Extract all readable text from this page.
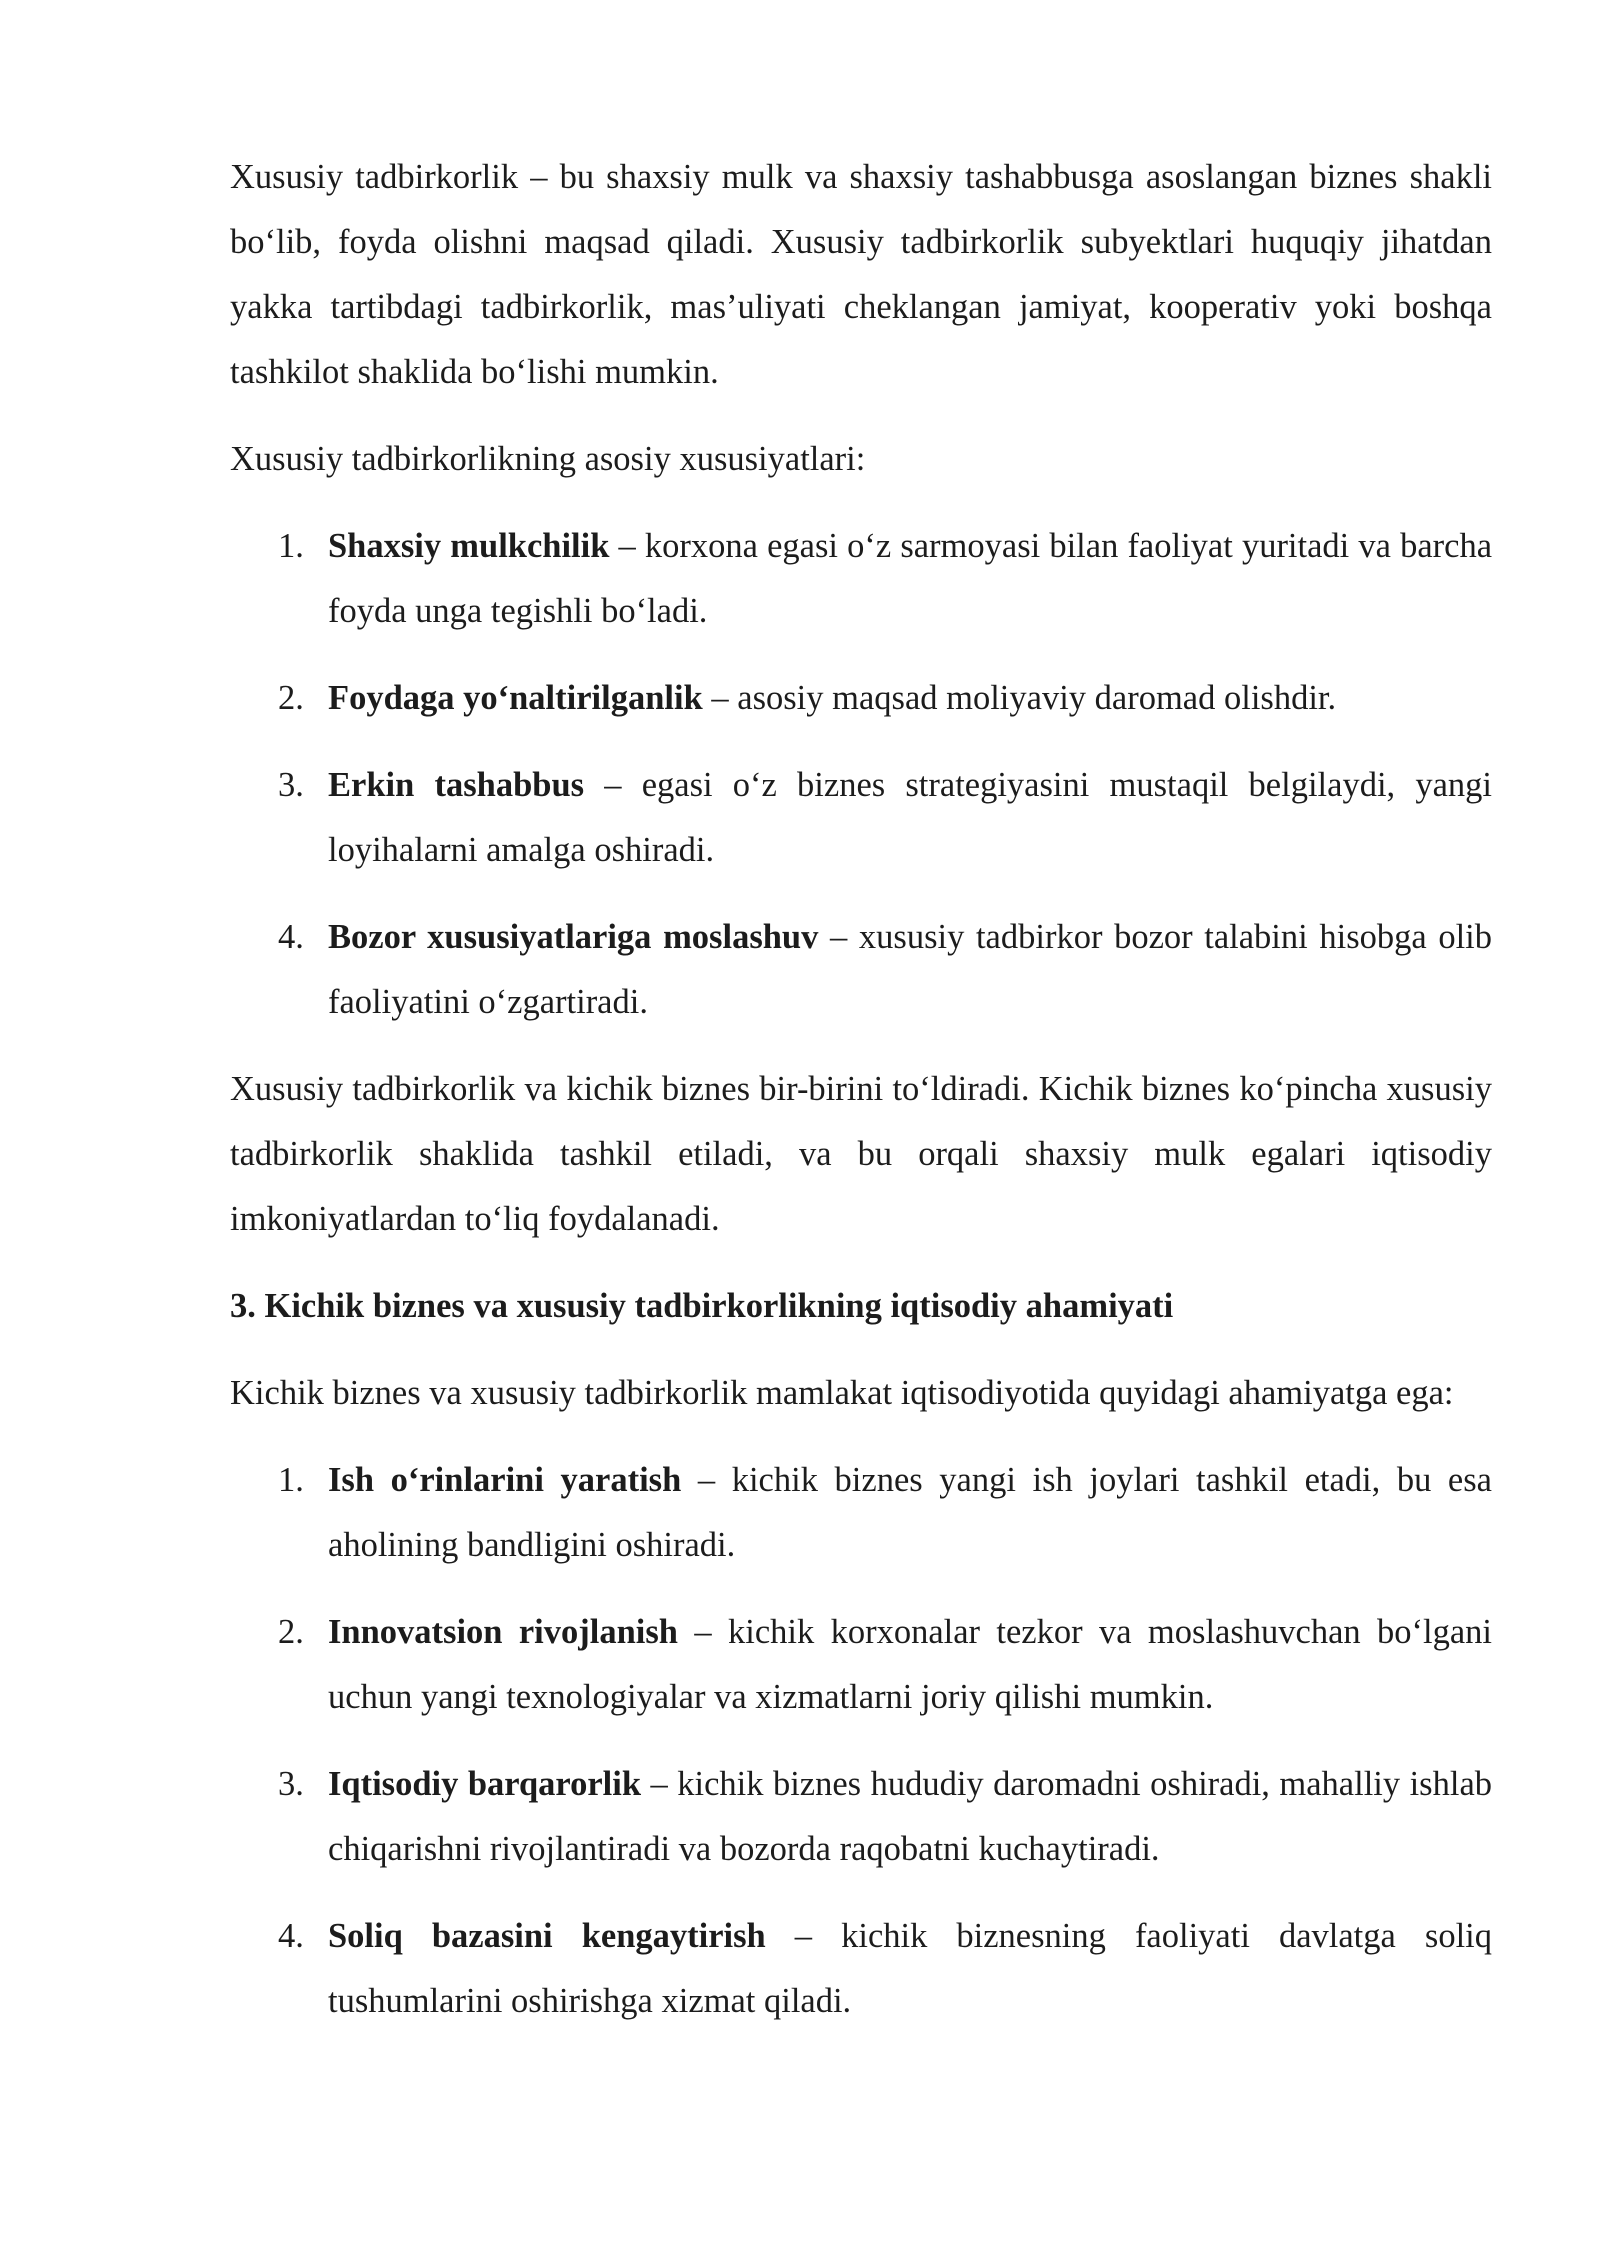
Xususiy tadbirkorlik – bu shaxsiy mulk va shaxsiy tashabbusga asoslangan biznes shakli bo‘lib, foyda olishni maqsad qiladi. Xususiy tadbirkorlik subyektlari huquqiy jihatdan yakka tartibdagi tadbirkorlik, mas’uliyati cheklangan jamiyat, kooperativ yoki boshqa tashkilot shaklida bo‘lishi mumkin.

Xususiy tadbirkorlikning asosiy xususiyatlari:

1. Shaxsiy mulkchilik – korxona egasi o‘z sarmoyasi bilan faoliyat yuritadi va barcha foyda unga tegishli bo‘ladi.
2. Foydaga yo‘naltirilganlik – asosiy maqsad moliyaviy daromad olishdir.
3. Erkin tashabbus – egasi o‘z biznes strategiyasini mustaqil belgilaydi, yangi loyihalarni amalga oshiradi.
4. Bozor xususiyatlariga moslashuv – xususiy tadbirkor bozor talabini hisobga olib faoliyatini o‘zgartiradi.

Xususiy tadbirkorlik va kichik biznes bir-birini to‘ldiradi. Kichik biznes ko‘pincha xususiy tadbirkorlik shaklida tashkil etiladi, va bu orqali shaxsiy mulk egalari iqtisodiy imkoniyatlardan to‘liq foydalanadi.

3. Kichik biznes va xususiy tadbirkorlikning iqtisodiy ahamiyati

Kichik biznes va xususiy tadbirkorlik mamlakat iqtisodiyotida quyidagi ahamiyatga ega:

1. Ish o‘rinlarini yaratish – kichik biznes yangi ish joylari tashkil etadi, bu esa aholining bandligini oshiradi.
2. Innovatsion rivojlanish – kichik korxonalar tezkor va moslashuvchan bo‘lgani uchun yangi texnologiyalar va xizmatlarni joriy qilishi mumkin.
3. Iqtisodiy barqarorlik – kichik biznes hududiy daromadni oshiradi, mahalliy ishlab chiqarishni rivojlantiradi va bozorda raqobatni kuchaytiradi.
4. Soliq bazasini kengaytirish – kichik biznesning faoliyati davlatga soliq tushumlarini oshirishga xizmat qiladi.
